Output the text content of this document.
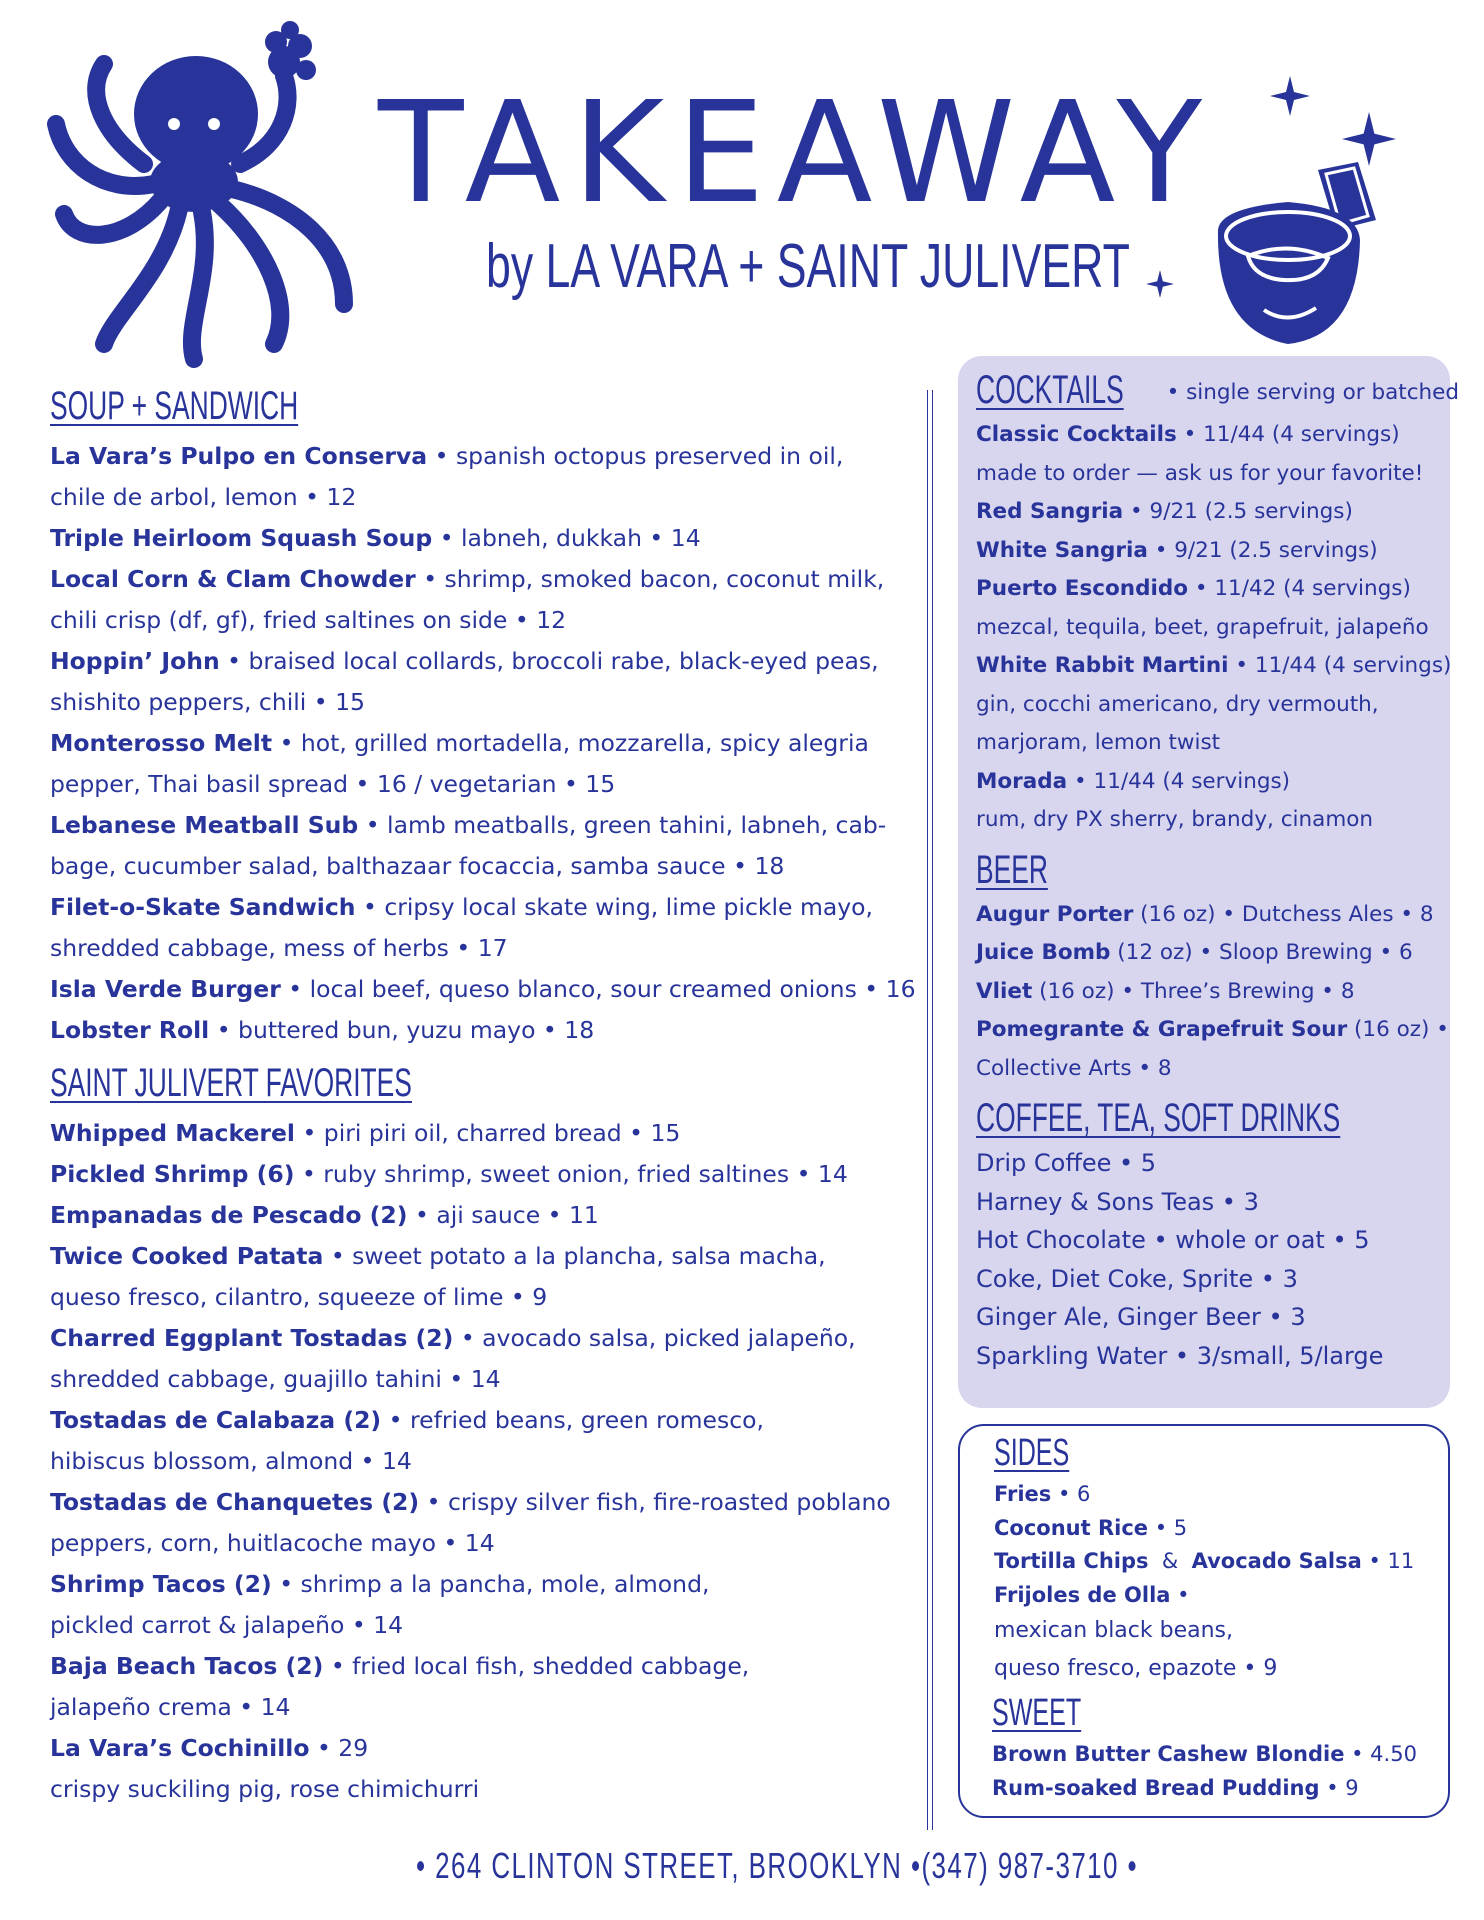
TAKEAWAY
by LA VARA + SAINT JULIVERT
SOUP + SANDWICH
La Vara’s Pulpo en Conserva • spanish octopus preserved in oil,
chile de arbol, lemon • 12
Triple Heirloom Squash Soup • labneh, dukkah • 14
Local Corn & Clam Chowder • shrimp, smoked bacon, coconut milk,
chili crisp (df, gf), fried saltines on side • 12
Hoppin’ John • braised local collards, broccoli rabe, black-eyed peas,
shishito peppers, chili • 15
Monterosso Melt • hot, grilled mortadella, mozzarella, spicy alegria
pepper, Thai basil spread • 16 / vegetarian • 15
Lebanese Meatball Sub • lamb meatballs, green tahini, labneh, cab-
bage, cucumber salad, balthazaar focaccia, samba sauce • 18
Filet-o-Skate Sandwich • cripsy local skate wing, lime pickle mayo,
shredded cabbage, mess of herbs • 17
Isla Verde Burger • local beef, queso blanco, sour creamed onions • 16
Lobster Roll • buttered bun, yuzu mayo • 18
SAINT JULIVERT FAVORITES
Whipped Mackerel • piri piri oil, charred bread • 15
Pickled Shrimp (6) • ruby shrimp, sweet onion, fried saltines • 14
Empanadas de Pescado (2) • aji sauce • 11
Twice Cooked Patata • sweet potato a la plancha, salsa macha,
queso fresco, cilantro, squeeze of lime • 9
Charred Eggplant Tostadas (2) • avocado salsa, picked jalapeño,
shredded cabbage, guajillo tahini • 14
Tostadas de Calabaza (2) • refried beans, green romesco,
hibiscus blossom, almond • 14
Tostadas de Chanquetes (2) • crispy silver fish, fire-roasted poblano
peppers, corn, huitlacoche mayo • 14
Shrimp Tacos (2) • shrimp a la pancha, mole, almond,
pickled carrot & jalapeño • 14
Baja Beach Tacos (2) • fried local fish, shedded cabbage,
jalapeño crema • 14
La Vara’s Cochinillo • 29
crispy suckiling pig, rose chimichurri
COCKTAILS • single serving or batched
Classic Cocktails • 11/44 (4 servings)
made to order — ask us for your favorite!
Red Sangria • 9/21 (2.5 servings)
White Sangria • 9/21 (2.5 servings)
Puerto Escondido • 11/42 (4 servings)
mezcal, tequila, beet, grapefruit, jalapeño
White Rabbit Martini • 11/44 (4 servings)
gin, cocchi americano, dry vermouth,
marjoram, lemon twist
Morada • 11/44 (4 servings)
rum, dry PX sherry, brandy, cinamon
BEER
Augur Porter (16 oz) • Dutchess Ales • 8
Juice Bomb (12 oz) • Sloop Brewing • 6
Vliet (16 oz) • Three’s Brewing • 8
Pomegrante & Grapefruit Sour (16 oz) •
Collective Arts • 8
COFFEE, TEA, SOFT DRINKS
Drip Coffee • 5
Harney & Sons Teas • 3
Hot Chocolate • whole or oat • 5
Coke, Diet Coke, Sprite • 3
Ginger Ale, Ginger Beer • 3
Sparkling Water • 3/small, 5/large
SIDES
Fries • 6
Coconut Rice • 5
Tortilla Chips  &  Avocado Salsa • 11
Frijoles de Olla •
mexican black beans,
queso fresco, epazote • 9
SWEET
Brown Butter Cashew Blondie • 4.50
Rum-soaked Bread Pudding • 9
• 264 CLINTON STREET, BROOKLYN •(347) 987-3710 •
